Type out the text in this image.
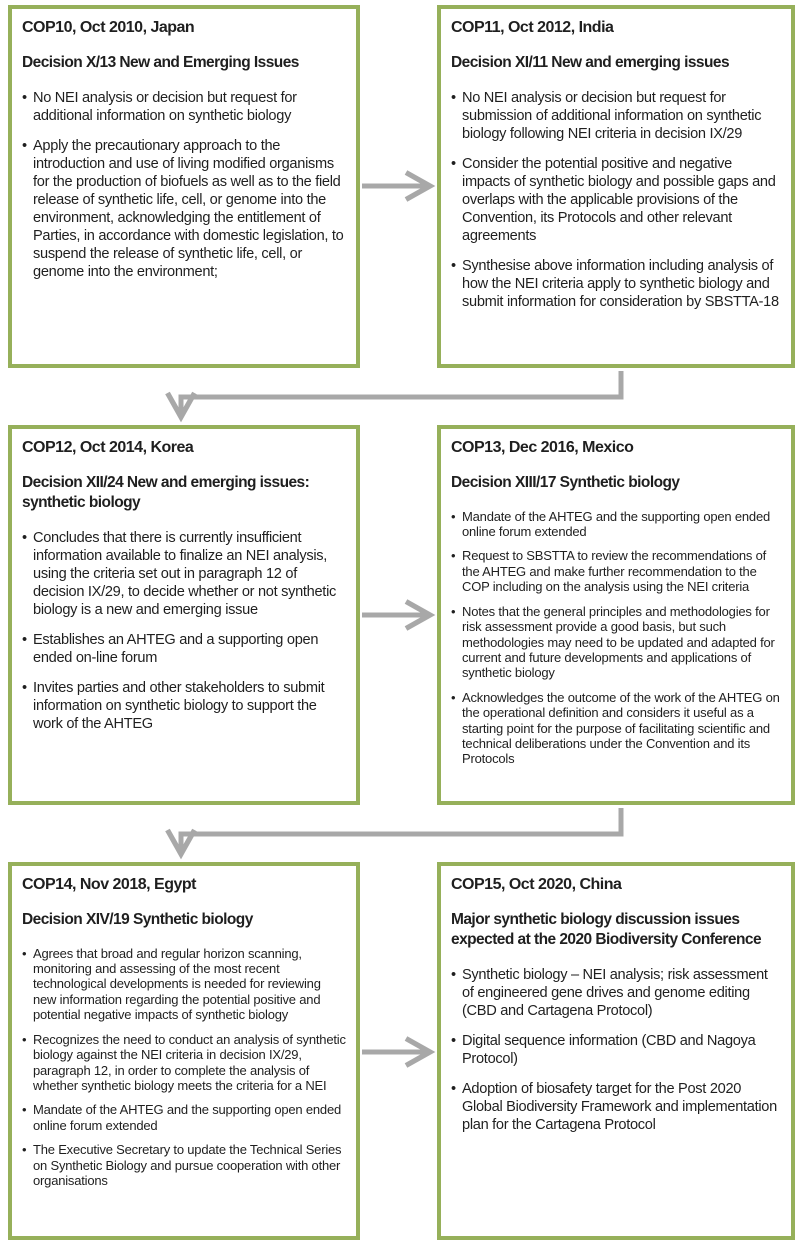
COP10, Oct 2010, Japan
Decision X/13 New and Emerging Issues
• No NEI analysis or decision but request for additional information on synthetic biology
• Apply the precautionary approach to the introduction and use of living modified organisms for the production of biofuels as well as to the field release of synthetic life, cell, or genome into the environment, acknowledging the entitlement of Parties, in accordance with domestic legislation, to suspend the release of synthetic life, cell, or genome into the environment;
COP11, Oct 2012, India
Decision XI/11 New and emerging issues
• No NEI analysis or decision but request for submission of additional information on synthetic biology following NEI criteria in decision IX/29
• Consider the potential positive and negative impacts of synthetic biology and possible gaps and overlaps with the applicable provisions of the Convention, its Protocols and other relevant agreements
• Synthesise above information including analysis of how the NEI criteria apply to synthetic biology and submit information for consideration by SBSTTA-18
COP12, Oct 2014, Korea
Decision XII/24 New and emerging issues: synthetic biology
• Concludes that there is currently insufficient information available to finalize an NEI analysis, using the criteria set out in paragraph 12 of decision IX/29, to decide whether or not synthetic biology is a new and emerging issue
• Establishes an AHTEG and a supporting open ended on-line forum
• Invites parties and other stakeholders to submit information on synthetic biology to support the work of the AHTEG
COP13, Dec 2016, Mexico
Decision XIII/17 Synthetic biology
• Mandate of the AHTEG and the supporting open ended online forum extended
• Request to SBSTTA to review the recommendations of the AHTEG and make further recommendation to the COP including on the analysis using the NEI criteria
• Notes that the general principles and methodologies for risk assessment provide a good basis, but such methodologies may need to be updated and adapted for current and future developments and applications of synthetic biology
• Acknowledges the outcome of the work of the AHTEG on the operational definition and considers it useful as a starting point for the purpose of facilitating scientific and technical deliberations under the Convention and its Protocols
COP14, Nov 2018, Egypt
Decision XIV/19 Synthetic biology
• Agrees that broad and regular horizon scanning, monitoring and assessing of the most recent technological developments is needed for reviewing new information regarding the potential positive and potential negative impacts of synthetic biology
• Recognizes the need to conduct an analysis of synthetic biology against the NEI criteria in decision IX/29, paragraph 12, in order to complete the analysis of whether synthetic biology meets the criteria for a NEI
• Mandate of the AHTEG and the supporting open ended online forum extended
• The Executive Secretary to update the Technical Series on Synthetic Biology and pursue cooperation with other organisations
COP15, Oct 2020, China
Major synthetic biology discussion issues expected at the 2020 Biodiversity Conference
• Synthetic biology – NEI analysis; risk assessment of engineered gene drives and genome editing (CBD and Cartagena Protocol)
• Digital sequence information (CBD and Nagoya Protocol)
• Adoption of biosafety target for the Post 2020 Global Biodiversity Framework and implementation plan for the Cartagena Protocol
